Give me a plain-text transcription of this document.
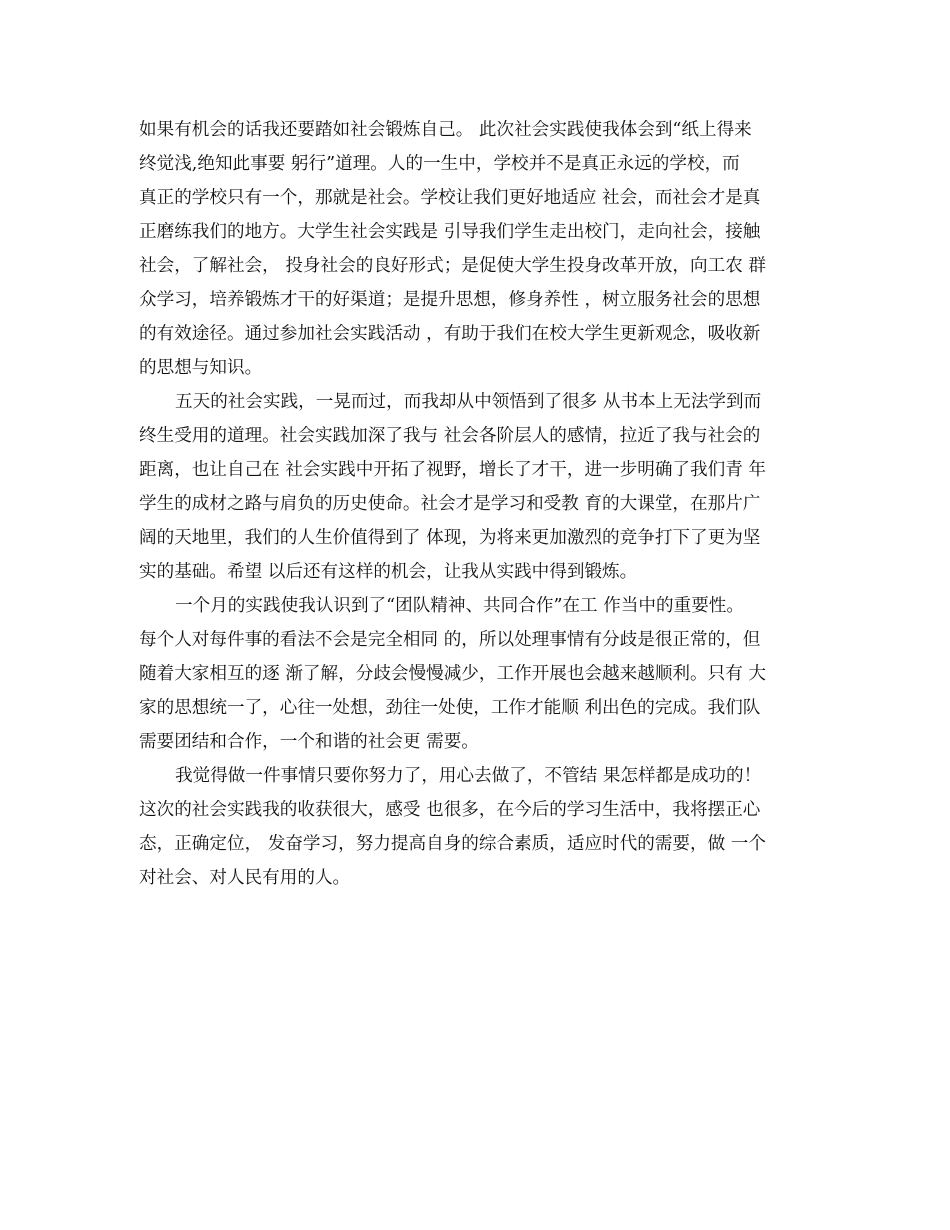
如果有机会的话我还要踏如社会锻炼自己。 此次社会实践使我体会到“纸上得来
终觉浅,绝知此事要 躬行”道理。人的一生中，学校并不是真正永远的学校，而
真正的学校只有一个，那就是社会。学校让我们更好地适应 社会，而社会才是真
正磨练我们的地方。大学生社会实践是 引导我们学生走出校门，走向社会，接触
社会，了解社会， 投身社会的良好形式；是促使大学生投身改革开放，向工农 群
众学习，培养锻炼才干的好渠道；是提升思想，修身养性 ，树立服务社会的思想
的有效途径。通过参加社会实践活动 ，有助于我们在校大学生更新观念，吸收新
的思想与知识。
五天的社会实践，一晃而过，而我却从中领悟到了很多 从书本上无法学到而
终生受用的道理。社会实践加深了我与 社会各阶层人的感情，拉近了我与社会的
距离，也让自己在 社会实践中开拓了视野，增长了才干，进一步明确了我们青 年
学生的成材之路与肩负的历史使命。社会才是学习和受教 育的大课堂，在那片广
阔的天地里，我们的人生价值得到了 体现，为将来更加激烈的竞争打下了更为坚
实的基础。希望 以后还有这样的机会，让我从实践中得到锻炼。
一个月的实践使我认识到了“团队精神、共同合作”在工 作当中的重要性。
每个人对每件事的看法不会是完全相同 的，所以处理事情有分歧是很正常的，但
随着大家相互的逐 渐了解，分歧会慢慢减少，工作开展也会越来越顺利。只有 大
家的思想统一了，心往一处想，劲往一处使，工作才能顺 利出色的完成。我们队
需要团结和合作，一个和谐的社会更 需要。
我觉得做一件事情只要你努力了，用心去做了，不管结 果怎样都是成功的！
这次的社会实践我的收获很大，感受 也很多，在今后的学习生活中，我将摆正心
态，正确定位， 发奋学习，努力提高自身的综合素质，适应时代的需要，做 一个
对社会、对人民有用的人。
